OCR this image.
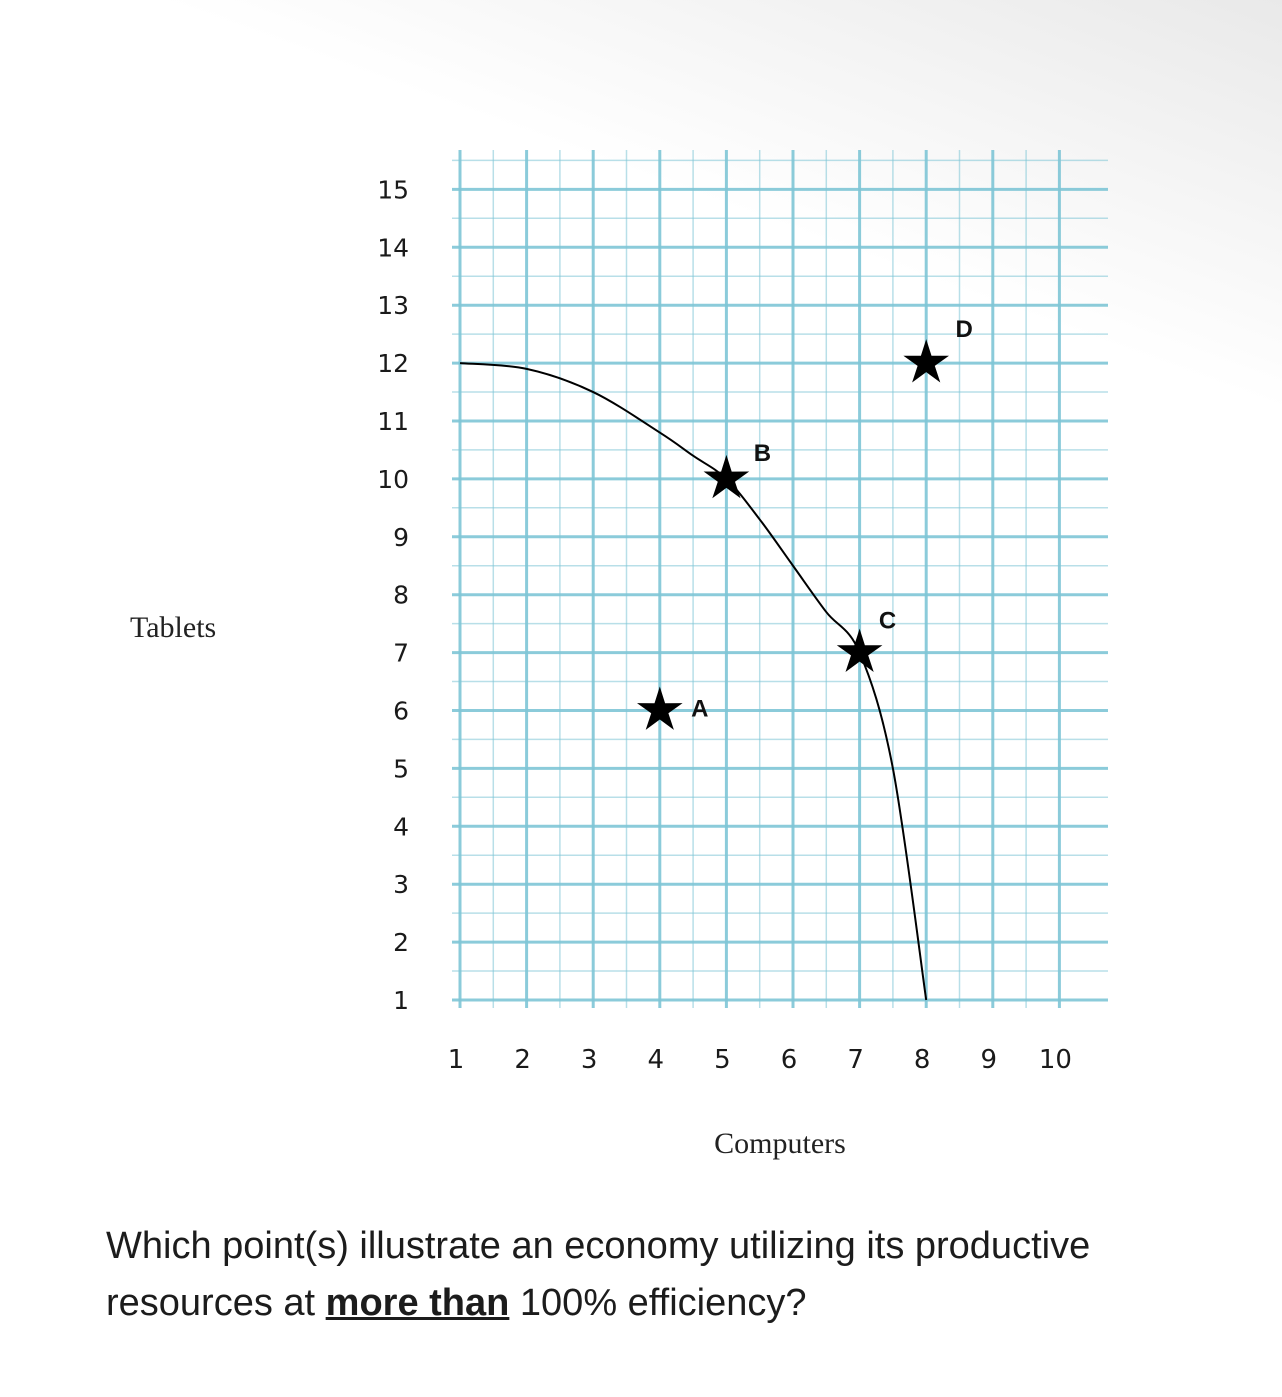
1
2
3
4
5
6
7
8
9
10
11
12
13
14
15
1 2 3 4 5 6 7 8 9 10
Tablets
Computers
A
B
C
D
Which point(s) illustrate an economy utilizing its productive resources at more than 100% efficiency?
